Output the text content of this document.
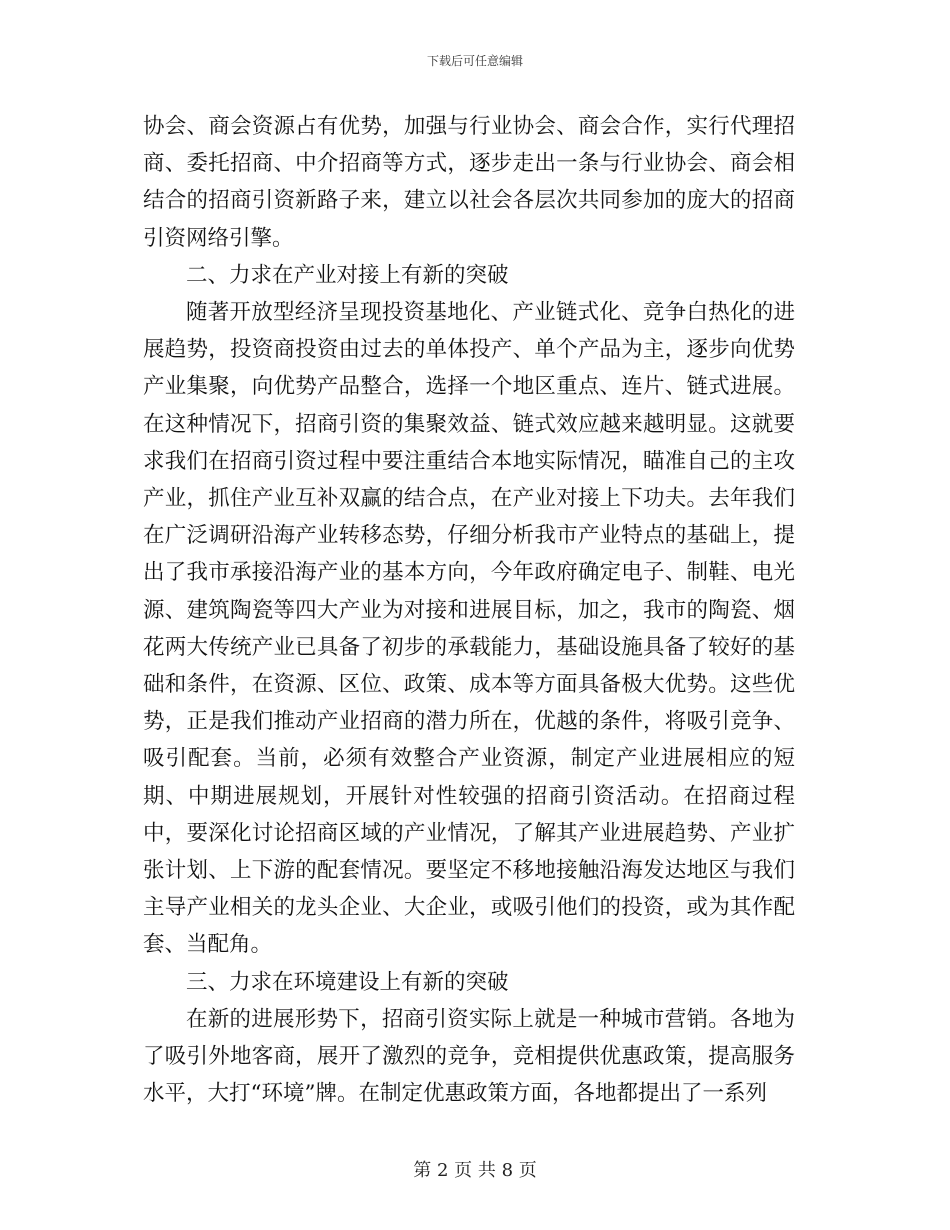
下载后可任意编辑

协会、商会资源占有优势，加强与行业协会、商会合作，实行代理招商、委托招商、中介招商等方式，逐步走出一条与行业协会、商会相结合的招商引资新路子来，建立以社会各层次共同参加的庞大的招商引资网络引擎。

二、力求在产业对接上有新的突破

随著开放型经济呈现投资基地化、产业链式化、竞争白热化的进展趋势，投资商投资由过去的单体投产、单个产品为主，逐步向优势产业集聚，向优势产品整合，选择一个地区重点、连片、链式进展。在这种情况下，招商引资的集聚效益、链式效应越来越明显。这就要求我们在招商引资过程中要注重结合本地实际情况，瞄准自己的主攻产业，抓住产业互补双赢的结合点，在产业对接上下功夫。去年我们在广泛调研沿海产业转移态势，仔细分析我市产业特点的基础上，提出了我市承接沿海产业的基本方向，今年政府确定电子、制鞋、电光源、建筑陶瓷等四大产业为对接和进展目标，加之，我市的陶瓷、烟花两大传统产业已具备了初步的承载能力，基础设施具备了较好的基础和条件，在资源、区位、政策、成本等方面具备极大优势。这些优势，正是我们推动产业招商的潜力所在，优越的条件，将吸引竞争、吸引配套。当前，必须有效整合产业资源，制定产业进展相应的短期、中期进展规划，开展针对性较强的招商引资活动。在招商过程中，要深化讨论招商区域的产业情况，了解其产业进展趋势、产业扩张计划、上下游的配套情况。要坚定不移地接触沿海发达地区与我们主导产业相关的龙头企业、大企业，或吸引他们的投资，或为其作配套、当配角。

三、力求在环境建设上有新的突破

在新的进展形势下，招商引资实际上就是一种城市营销。各地为了吸引外地客商，展开了激烈的竞争，竞相提供优惠政策，提高服务水平，大打“环境”牌。在制定优惠政策方面，各地都提出了一系列

第 2 页 共 8 页
